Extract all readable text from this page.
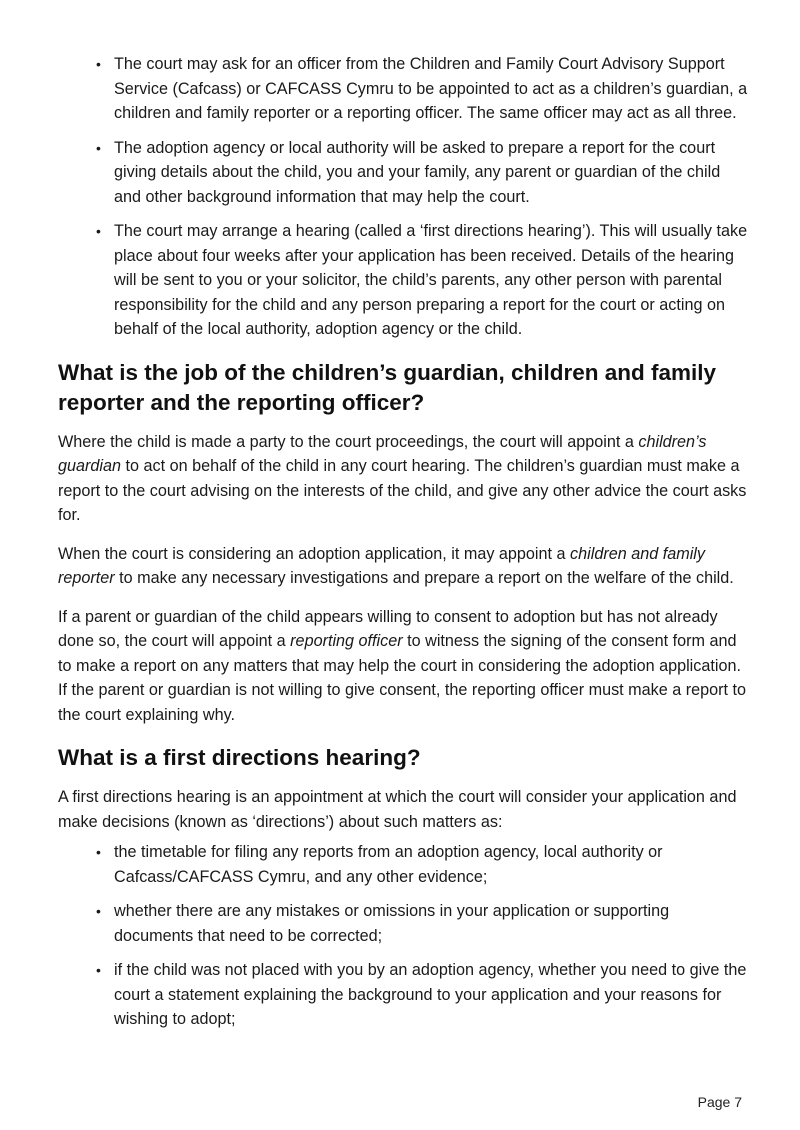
• The court may ask for an officer from the Children and Family Court Advisory Support Service (Cafcass) or CAFCASS Cymru to be appointed to act as a children’s guardian, a children and family reporter or a reporting officer. The same officer may act as all three.
• The adoption agency or local authority will be asked to prepare a report for the court giving details about the child, you and your family, any parent or guardian of the child and other background information that may help the court.
• The court may arrange a hearing (called a ‘first directions hearing’). This will usually take place about four weeks after your application has been received. Details of the hearing will be sent to you or your solicitor, the child’s parents, any other person with parental responsibility for the child and any person preparing a report for the court or acting on behalf of the local authority, adoption agency or the child.
What is the job of the children’s guardian, children and family reporter and the reporting officer?

Where the child is made a party to the court proceedings, the court will appoint a children’s guardian to act on behalf of the child in any court hearing. The children’s guardian must make a report to the court advising on the interests of the child, and give any other advice the court asks for.

When the court is considering an adoption application, it may appoint a children and family reporter to make any necessary investigations and prepare a report on the welfare of the child.

If a parent or guardian of the child appears willing to consent to adoption but has not already done so, the court will appoint a reporting officer to witness the signing of the consent form and to make a report on any matters that may help the court in considering the adoption application. If the parent or guardian is not willing to give consent, the reporting officer must make a report to the court explaining why.

What is a first directions hearing?

A first directions hearing is an appointment at which the court will consider your application and make decisions (known as ‘directions’) about such matters as:

• the timetable for filing any reports from an adoption agency, local authority or Cafcass/CAFCASS Cymru, and any other evidence;
• whether there are any mistakes or omissions in your application or supporting documents that need to be corrected;
• if the child was not placed with you by an adoption agency, whether you need to give the court a statement explaining the background to your application and your reasons for wishing to adopt;
Page 7
